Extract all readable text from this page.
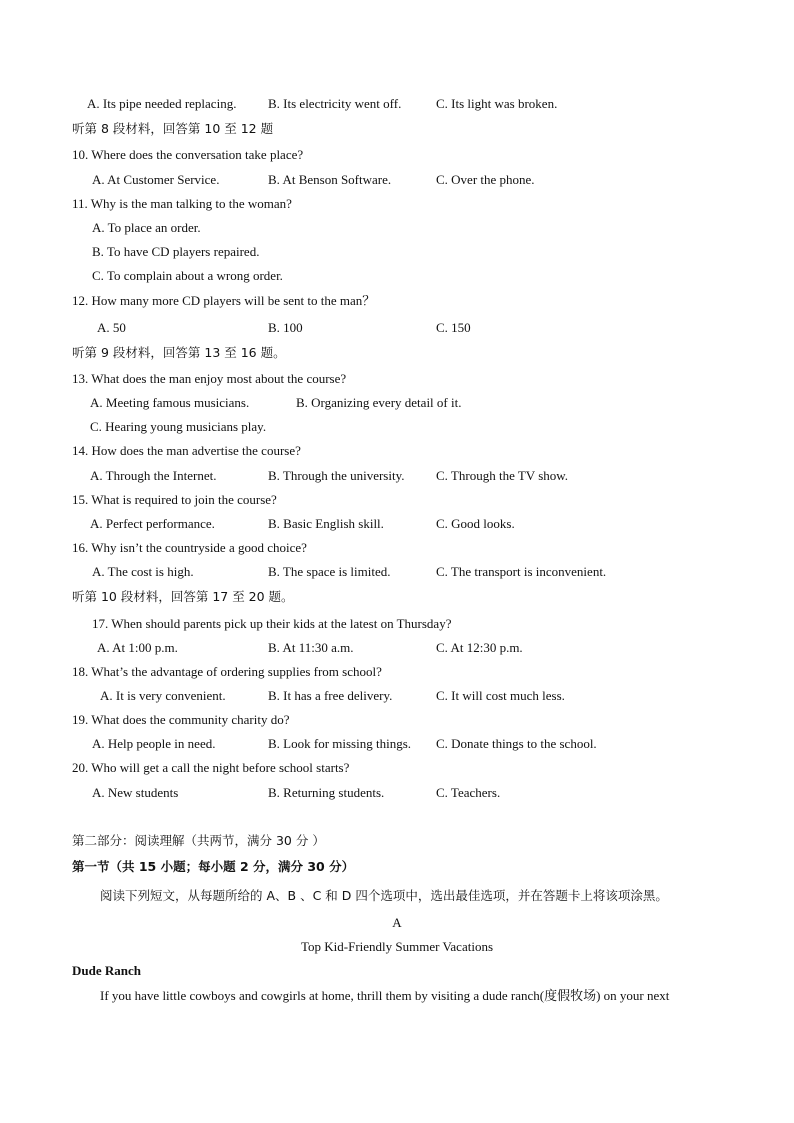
A. Its pipe needed replacing. B. Its electricity went off.	C. Its light was broken.
听第 8 段材料，回答第 10 至 12 题
10. Where does the conversation take place?
A. At Customer Service.	B. At Benson Software.	C. Over the phone.
11. Why is the man talking to the woman?
A. To place an order.
B. To have CD players repaired.
C. To complain about a wrong order.
12. How many more CD players will be sent to the man？
A. 50	B. 100	C. 150
听第 9 段材料，回答第 13 至 16 题。
13. What does the man enjoy most about the course?
A. Meeting famous musicians.	B. Organizing every detail of it.
C. Hearing young musicians play.
14. How does the man advertise the course?
A. Through the Internet.	B. Through the university. C. Through the TV show.
15. What is required to join the course?
A. Perfect performance.	B. Basic English skill.	C. Good looks.
16. Why isn’t the countryside a good choice?
A. The cost is high.	B. The space is limited.	C. The transport is inconvenient.
听第 10 段材料，回答第 17 至 20 题。
17. When should parents pick up their kids at the latest on Thursday?
A. At 1:00 p.m.	B. At 11:30 a.m.	C. At 12:30 p.m.
18. What’s the advantage of ordering supplies from school?
A. It is very convenient.	B. It has a free delivery.	C. It will cost much less.
19. What does the community charity do?
A. Help people in need.	B. Look for missing things. C. Donate things to the school.
20. Who will get a call the night before school starts?
A. New students	B. Returning students.	C. Teachers.
第二部分：阅读理解（共两节，满分 30 分 ）
第一节（共 15 小题；每小题 2 分，满分 30 分）
阅读下列短文，从每题所给的 A、B 、C 和 D 四个选项中，选出最佳选项，并在答题卡上将该项涂黑。
A
Top Kid-Friendly Summer Vacations
Dude Ranch
If you have little cowboys and cowgirls at home, thrill them by visiting a dude ranch(度假牧场) on your next
